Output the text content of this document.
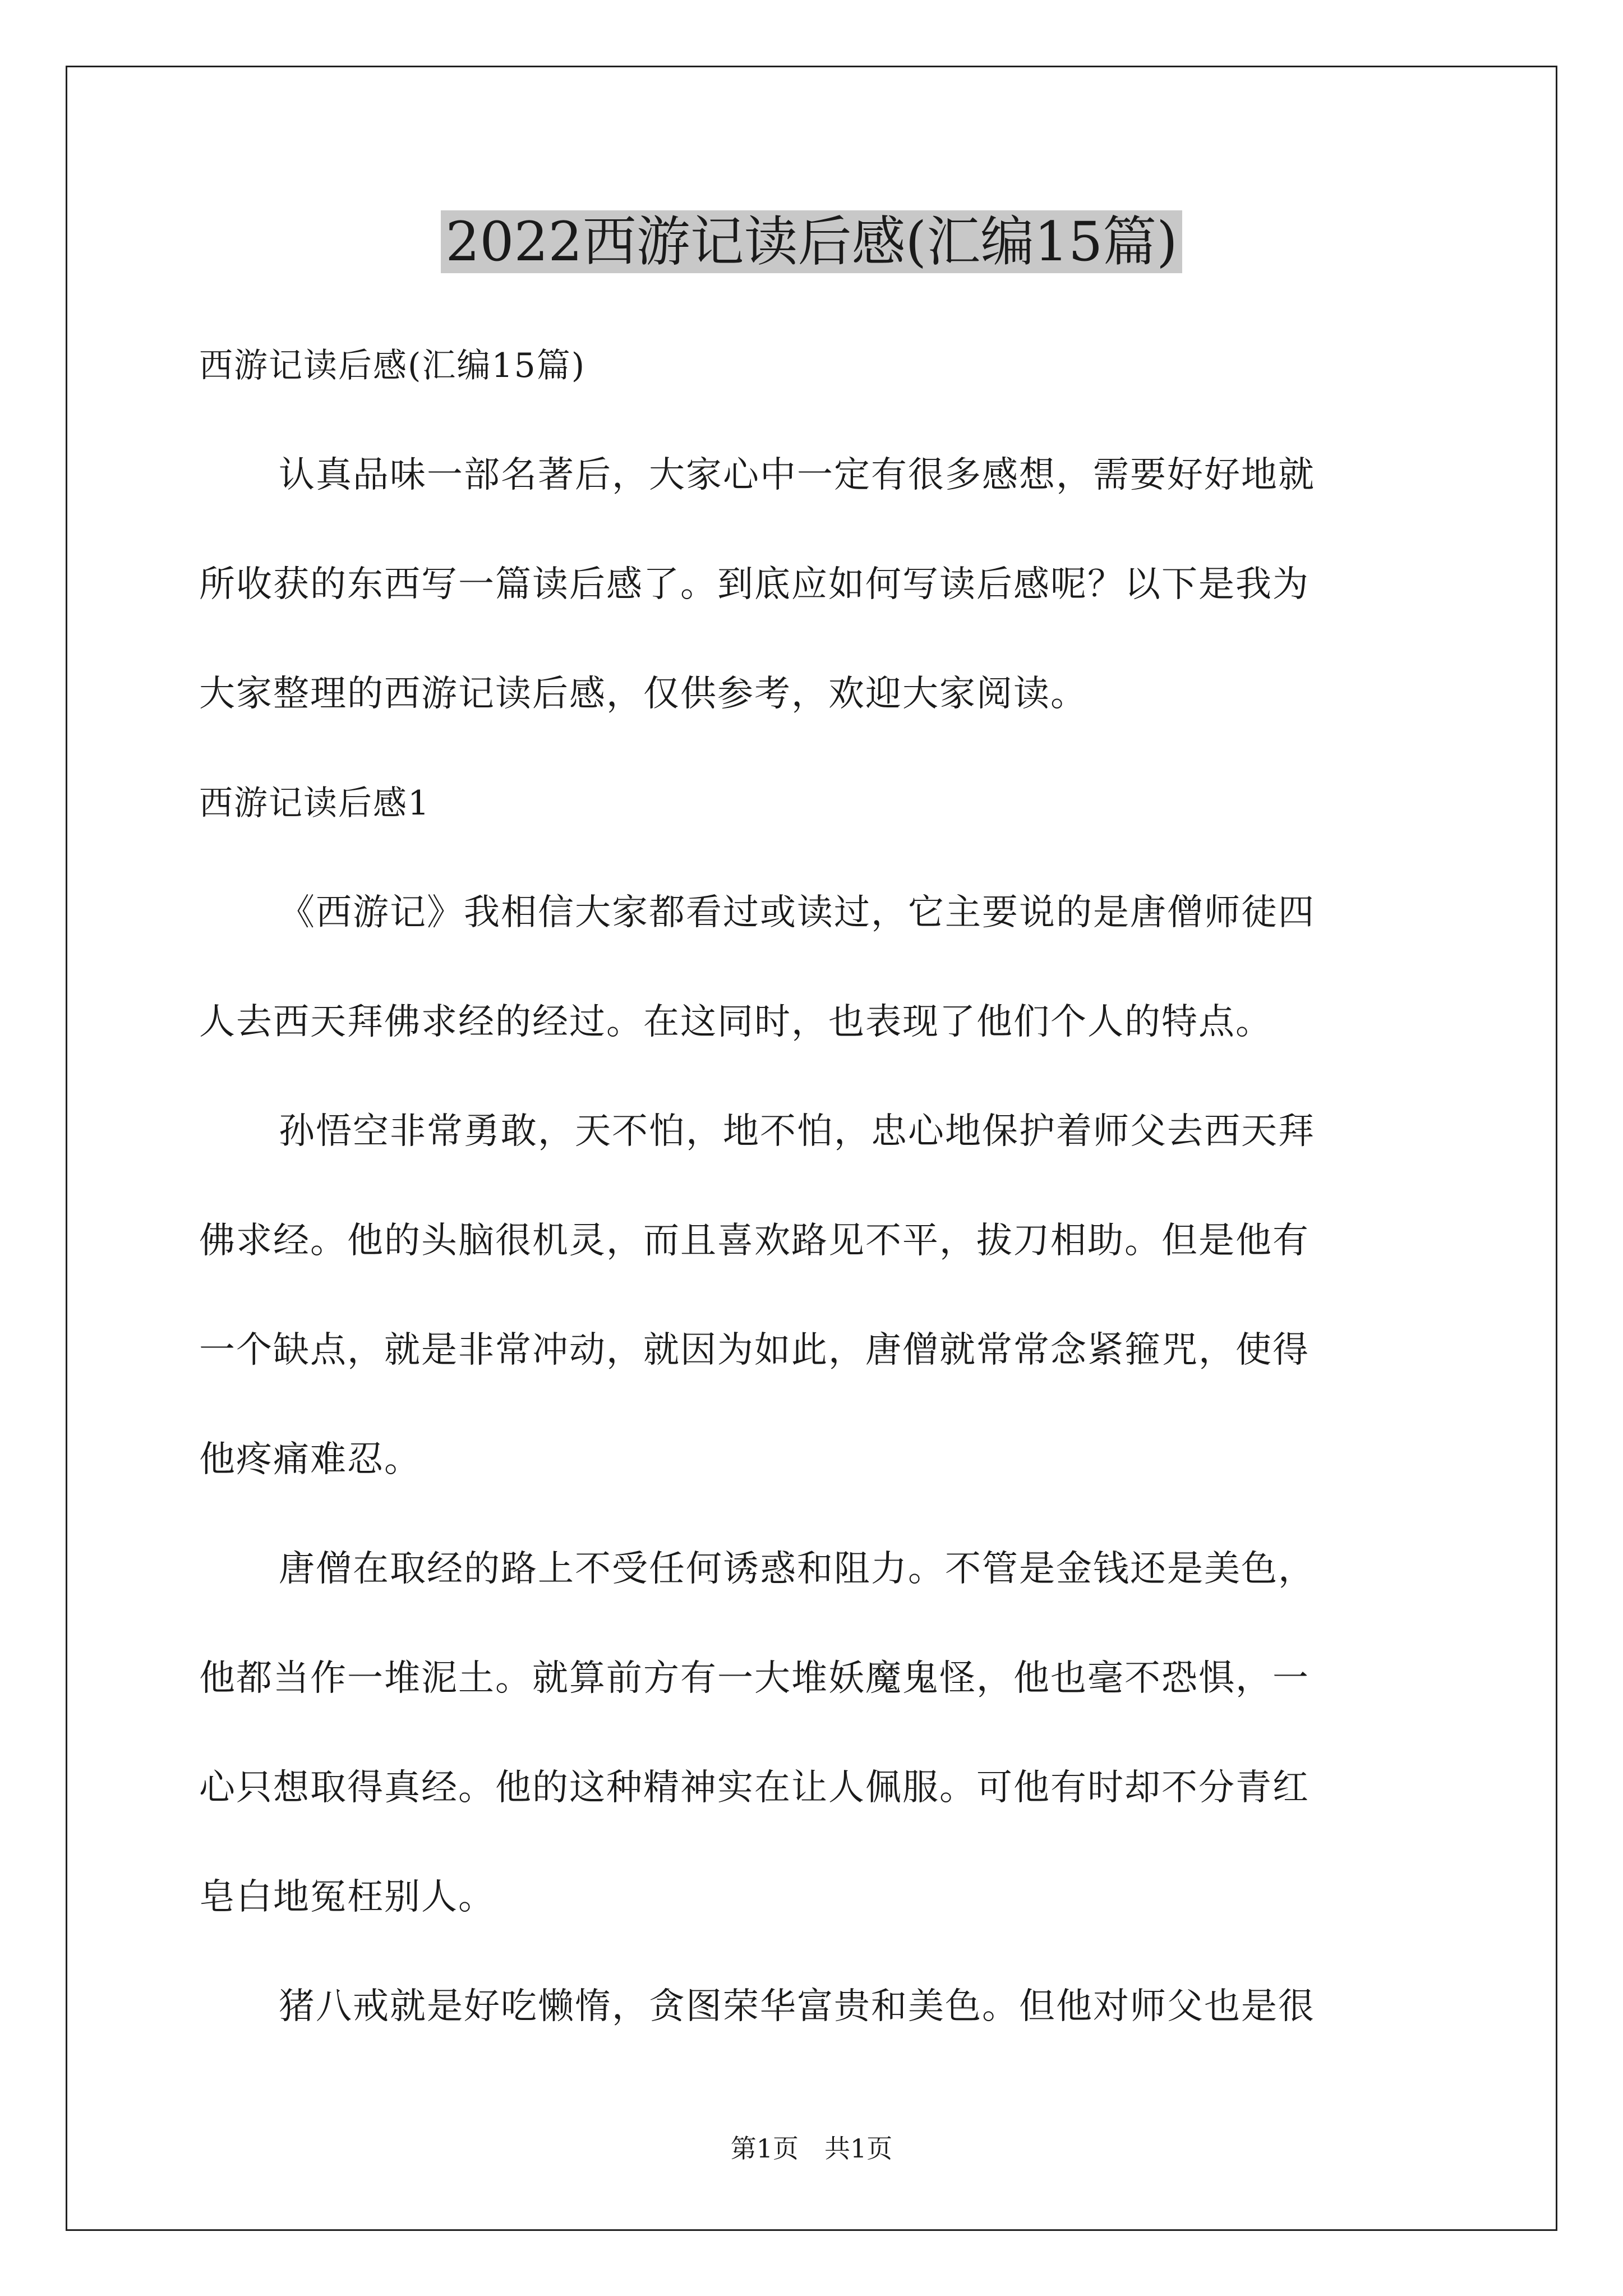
2022西游记读后感(汇编15篇)
西游记读后感(汇编15篇)
认真品味一部名著后，大家心中一定有很多感想，需要好好地就
所收获的东西写一篇读后感了。到底应如何写读后感呢？以下是我为
大家整理的西游记读后感，仅供参考，欢迎大家阅读。
西游记读后感1
《西游记》我相信大家都看过或读过，它主要说的是唐僧师徒四
人去西天拜佛求经的经过。在这同时，也表现了他们个人的特点。
孙悟空非常勇敢，天不怕，地不怕，忠心地保护着师父去西天拜
佛求经。他的头脑很机灵，而且喜欢路见不平，拔刀相助。但是他有
一个缺点，就是非常冲动，就因为如此，唐僧就常常念紧箍咒，使得
他疼痛难忍。
唐僧在取经的路上不受任何诱惑和阻力。不管是金钱还是美色，
他都当作一堆泥土。就算前方有一大堆妖魔鬼怪，他也毫不恐惧，一
心只想取得真经。他的这种精神实在让人佩服。可他有时却不分青红
皂白地冤枉别人。
猪八戒就是好吃懒惰，贪图荣华富贵和美色。但他对师父也是很
第1页 共1页
